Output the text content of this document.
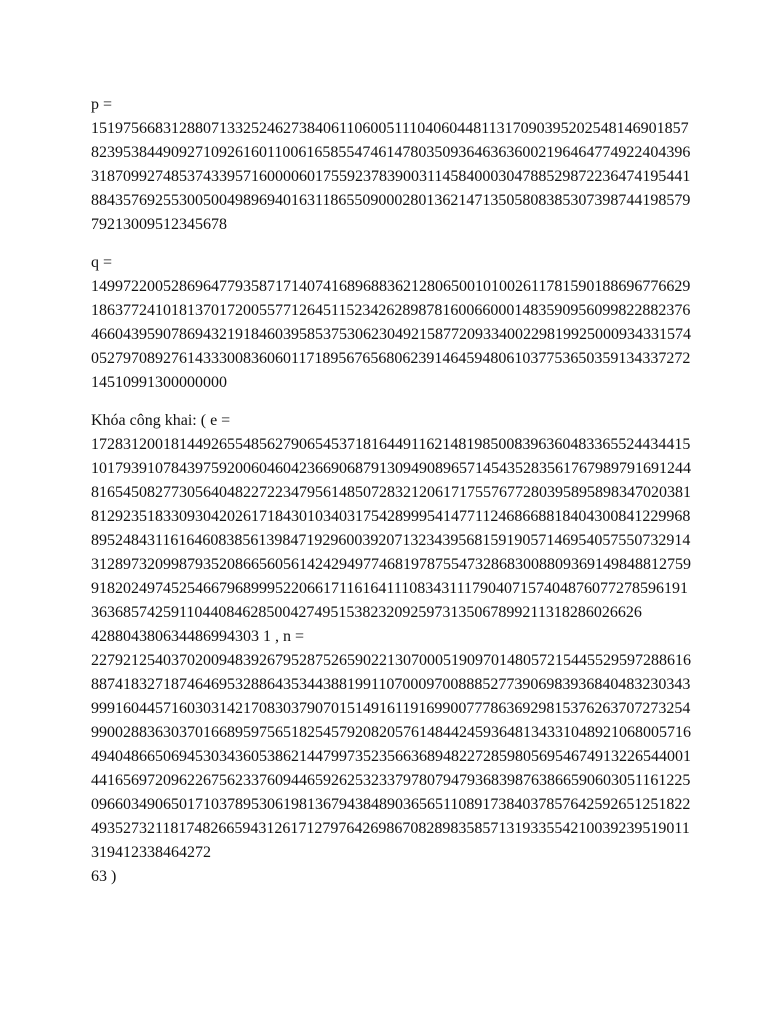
p =
15197566831288071332524627384061106005111040604481131709039520254814690185782395384490927109261601100616585547461478035093646363600219646477492240439631870992748537433957160000601755923783900311458400030478852987223647419544188435769255300500498969401631186550900028013621471350580838530739874419857979213009512345678

q =
14997220052869647793587171407416896883621280650010100261178159018869677662918637724101813701720055771264511523426289878160066000148359095609982288237646604395907869432191846039585375306230492158772093340022981992500093433157405279708927614333008360601171895676568062391464594806103775365035913433727214510991300000000

Khóa công khai: ( e =
172831200181449265548562790654537181644911621481985008396360483365524434415101793910784397592006046042366906879130949089657145435283561767989791691244816545082773056404822722347956148507283212061717557677280395895898347020381812923518330930420261718430103403175428999541477112468668818404300841229968895248431161646083856139847192960039207132343956815919057146954057550732914312897320998793520866560561424294977468197875547328683008809369149848812759918202497452546679689995220661711616411108343111790407157404876077278596191363685742591104408462850042749515382320925973135067899211318286026626
428804380634486994303 1 , n =
227921254037020094839267952875265902213070005190970148057215445529597288616887418327187464695328864353443881991107000970088852773906983936840483230343999160445716030314217083037907015149161191699007778636929815376263707273254990028836303701668959756518254579208205761484424593648134331048921068005716494048665069453034360538621447997352356636894822728598056954674913226544001441656972096226756233760944659262532337978079479368398763866590603051161225096603490650171037895306198136794384890365651108917384037857642592651251822493527321181748266594312617127976426986708289835857131933554210039239519011319412338464272
63 )
